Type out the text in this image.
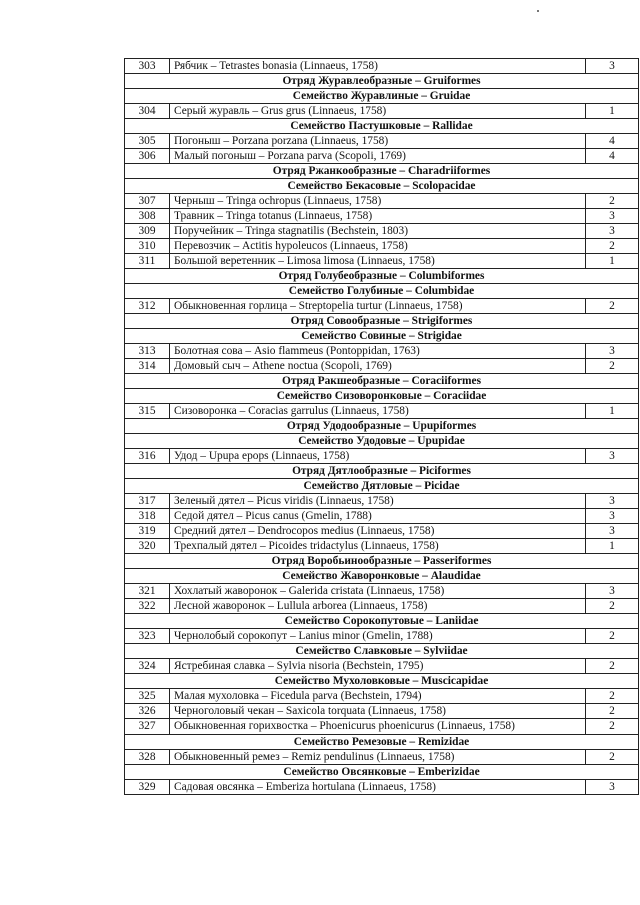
303	Рябчик – Tetrastes bonasia (Linnaeus, 1758)	3
Отряд Журавлеобразные – Gruiformes		
Семейство Журавлиные – Gruidae		
304	Серый журавль – Grus grus (Linnaeus, 1758)	1
Семейство Пастушковые – Rallidae		
305	Погоныш – Porzana porzana (Linnaeus, 1758)	4
306	Малый погоныш – Porzana parva (Scopoli, 1769)	4
Отряд Ржанкообразные – Charadriiformes		
Семейство Бекасовые – Scolopacidae		
307	Черныш – Tringa ochropus (Linnaeus, 1758)	2
308	Травник – Tringa totanus (Linnaeus, 1758)	3
309	Поручейник – Tringa stagnatilis (Bechstein, 1803)	3
310	Перевозчик – Actitis hypoleucos (Linnaeus, 1758)	2
311	Большой веретенник – Limosa limosa (Linnaeus, 1758)	1
Отряд Голубеобразные – Columbiformes		
Семейство Голубиные – Columbidae		
312	Обыкновенная горлица – Streptopelia turtur (Linnaeus, 1758)	2
Отряд Совообразные – Strigiformes		
Семейство Совиные – Strigidae		
313	Болотная сова – Asio flammeus (Pontoppidan, 1763)	3
314	Домовый сыч – Athene noctua (Scopoli, 1769)	2
Отряд Ракшеобразные – Coraciiformes		
Семейство Сизоворонковые – Coraciidae		
315	Сизоворонка – Coracias garrulus (Linnaeus, 1758)	1
Отряд Удодообразные – Upupiformes		
Семейство Удодовые – Upupidae		
316	Удод – Upupa epops (Linnaeus, 1758)	3
Отряд Дятлообразные – Piciformes		
Семейство Дятловые – Picidae		
317	Зеленый дятел – Picus viridis (Linnaeus, 1758)	3
318	Седой дятел – Picus canus (Gmelin, 1788)	3
319	Средний дятел – Dendrocopos medius (Linnaeus, 1758)	3
320	Трехпалый дятел – Picoides tridactylus (Linnaeus, 1758)	1
Отряд Воробьинообразные – Passeriformes		
Семейство Жаворонковые – Alaudidae		
321	Хохлатый жаворонок – Galerida cristata (Linnaeus, 1758)	3
322	Лесной жаворонок – Lullula arborea (Linnaeus, 1758)	2
Семейство Сорокопутовые – Laniidae		
323	Чернолобый сорокопут – Lanius minor (Gmelin, 1788)	2
Семейство Славковые – Sylviidae		
324	Ястребиная славка – Sylvia nisoria (Bechstein, 1795)	2
Семейство Мухоловковые – Muscicapidae		
325	Малая мухоловка – Ficedula parva (Bechstein, 1794)	2
326	Черноголовый чекан – Saxicola torquata (Linnaeus, 1758)	2
327	Обыкновенная горихвостка – Phoenicurus phoenicurus (Linnaeus, 1758)	2
Семейство Ремезовые – Remizidae		
328	Обыкновенный ремез – Remiz pendulinus (Linnaeus, 1758)	2
Семейство Овсянковые – Emberizidae		
329	Садовая овсянка – Emberiza hortulana (Linnaeus, 1758)	3
